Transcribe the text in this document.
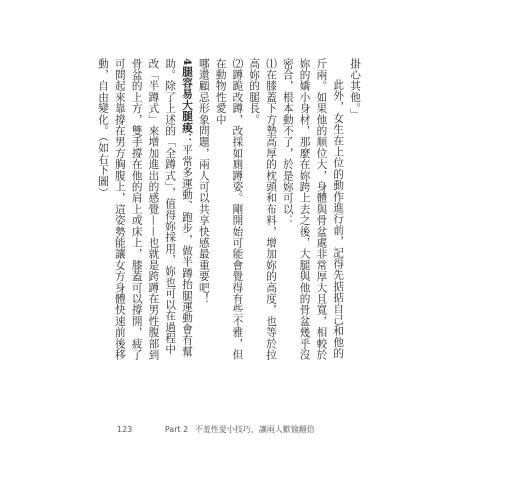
掛心其他。」

此外，女生在上位的動作進行前，記得先掂掂自己和他的斤兩。如果他的顺位大，身體與骨盆處非常厚大且寬，相較於妳的嬌小身材，那麼在妳跨上去之後，大腿與他的骨盆幾乎沒密合，根本動不了，於是妳可以：

⑴在膝蓋下方墊高厚的枕頭和布料，增加妳的高度，也等於拉高妳的腿長。

⑵蹲跪改蹲，改採如廁蹲姿。剛開始可能會覺得有些不雅，但在動物性愛中

哪還顧忌形象問題，兩人可以共享快感最重要吧！

4腿容易大腿痠：平常多運動、跑步，做半蹲抬腿運動會有幫助。除了上述的「全蹲式」，值得妳採用，妳也可以在過程中改「半蹲式」來增加進出的感覺——也就是跨蹲在男性腹部到骨盆的上方，雙手撐在他的肩上或床上，膝蓋可以撐開，疲了可間起來靠撐在男方胸腹上，這姿勢能讓女方身體快速前後移動，自由變化。（如右下圖）

123	Part 2 不羞性愛小技巧，讓兩人歡愉翻倍
